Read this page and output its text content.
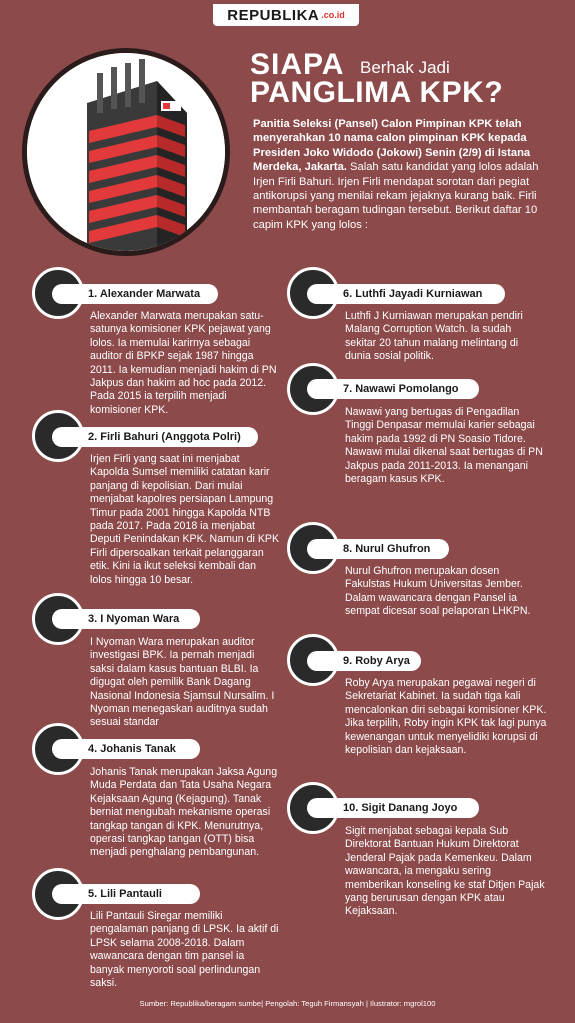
REPUBLIKA .co.id
SIAPA Berhak Jadi
PANGLIMA KPK?
Panitia Seleksi (Pansel) Calon Pimpinan KPK telah menyerahkan 10 nama calon pimpinan KPK kepada Presiden Joko Widodo (Jokowi) Senin (2/9) di Istana Merdeka, Jakarta. Salah satu kandidat yang lolos adalah Irjen Firli Bahuri. Irjen Firli mendapat sorotan dari pegiat antikorupsi yang menilai rekam jejaknya kurang baik. Firli membantah beragam tudingan tersebut. Berikut daftar 10 capim KPK yang lolos :
1. Alexander Marwata
Alexander Marwata merupakan satu-satunya komisioner KPK pejawat yang lolos. Ia memulai karirnya sebagai auditor di BPKP sejak 1987 hingga 2011. Ia kemudian menjadi hakim di PN Jakpus dan hakim ad hoc pada 2012. Pada 2015 ia terpilih menjadi komisioner KPK.
2. Firli Bahuri (Anggota Polri)
Irjen Firli yang saat ini menjabat Kapolda Sumsel memiliki catatan karir panjang di kepolisian. Dari mulai menjabat kapolres persiapan Lampung Timur pada 2001 hingga Kapolda NTB pada 2017. Pada 2018 ia menjabat Deputi Penindakan KPK. Namun di KPK Firli dipersoalkan terkait pelanggaran etik. Kini ia ikut seleksi kembali dan lolos hingga 10 besar.
3. I Nyoman Wara
I Nyoman Wara merupakan auditor investigasi BPK. Ia pernah menjadi saksi dalam kasus bantuan BLBI. Ia digugat oleh pemilik Bank Dagang Nasional Indonesia Sjamsul Nursalim. I Nyoman menegaskan auditnya sudah sesuai standar
4. Johanis Tanak
Johanis Tanak merupakan Jaksa Agung Muda Perdata dan Tata Usaha Negara Kejaksaan Agung (Kejagung). Tanak berniat mengubah mekanisme operasi tangkap tangan di KPK. Menurutnya, operasi tangkap tangan (OTT) bisa menjadi penghalang pembangunan.
5. Lili Pantauli
Lili Pantauli Siregar memiliki pengalaman panjang di LPSK. Ia aktif di LPSK selama 2008-2018. Dalam wawancara dengan tim pansel ia banyak menyoroti soal perlindungan saksi.
6. Luthfi Jayadi Kurniawan
Luthfi J Kurniawan merupakan pendiri Malang Corruption Watch. Ia sudah sekitar 20 tahun malang melintang di dunia sosial politik.
7. Nawawi Pomolango
Nawawi yang bertugas di Pengadilan Tinggi Denpasar memulai karier sebagai hakim pada 1992 di PN Soasio Tidore. Nawawi mulai dikenal saat bertugas di PN Jakpus pada 2011-2013. Ia menangani beragam kasus KPK.
8. Nurul Ghufron
Nurul Ghufron merupakan dosen Fakulstas Hukum Universitas Jember. Dalam wawancara dengan Pansel ia sempat dicesar soal pelaporan LHKPN.
9. Roby Arya
Roby Arya merupakan pegawai negeri di Sekretariat Kabinet. Ia sudah tiga kali mencalonkan diri sebagai komisioner KPK. Jika terpilih, Roby ingin KPK tak lagi punya kewenangan untuk menyelidiki korupsi di kepolisian dan kejaksaan.
10. Sigit Danang Joyo
Sigit menjabat sebagai kepala Sub Direktorat Bantuan Hukum Direktorat Jenderal Pajak pada Kemenkeu. Dalam wawancara, ia mengaku sering memberikan konseling ke staf Ditjen Pajak yang berurusan dengan KPK atau Kejaksaan.
Sumber: Republika/beragam sumbe| Pengolah: Teguh Firmansyah | Ilustrator: mgrol100
